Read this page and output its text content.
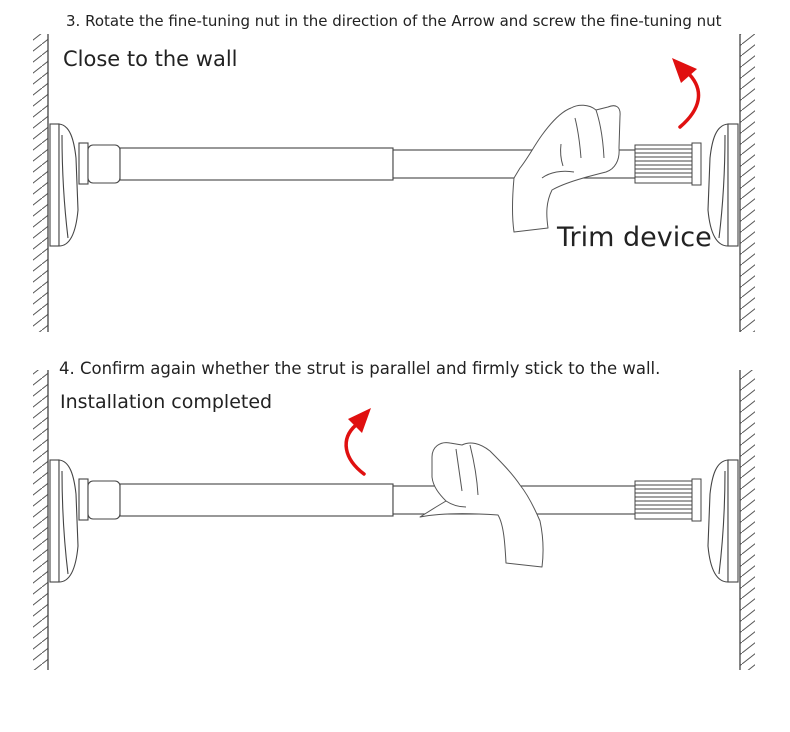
3. Rotate the fine-tuning nut in the direction of the Arrow and screw the fine-tuning nut

Close to the wall

Trim device

4. Confirm again whether the strut is parallel and firmly stick to the wall.

Installation completed
